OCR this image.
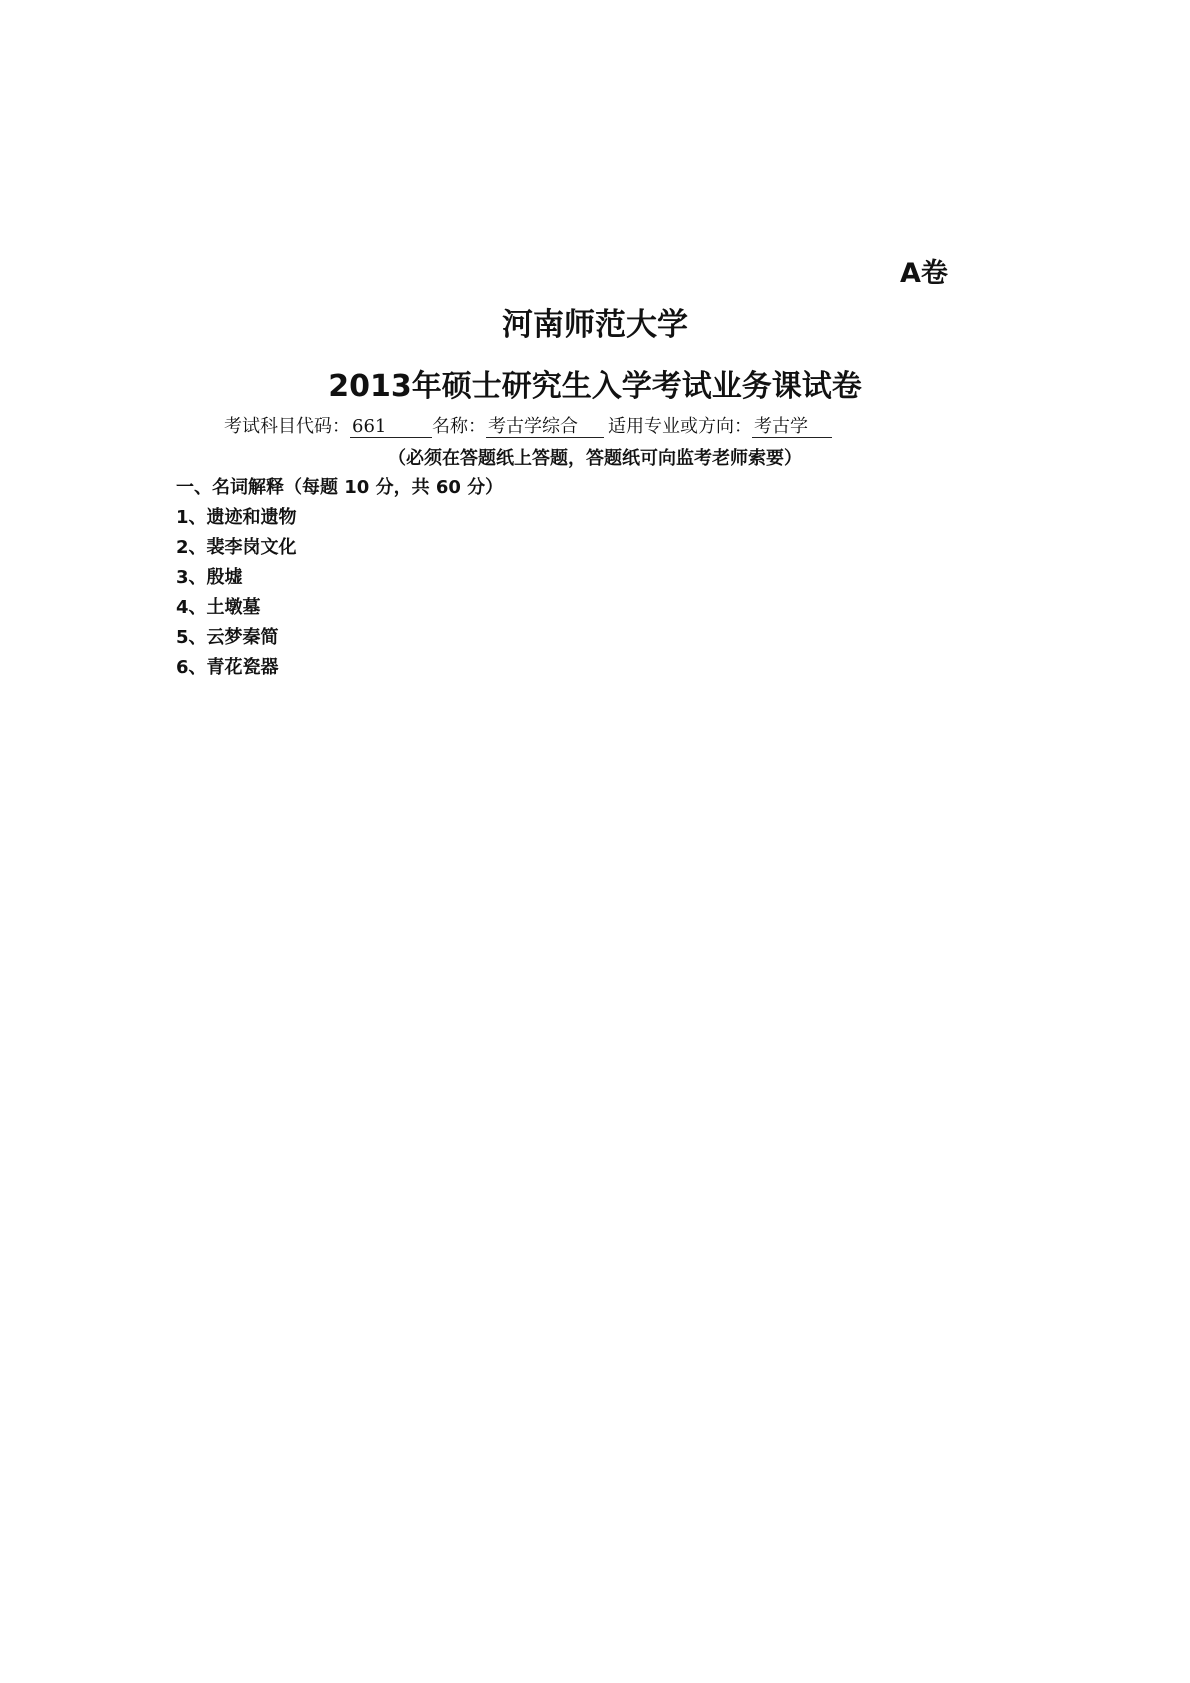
A卷
河南师范大学
2013年硕士研究生入学考试业务课试卷
考试科目代码： 661	名称： 考古学综合 适用专业或方向： 考古学
（必须在答题纸上答题，答题纸可向监考老师索要）
一、名词解释（每题 10 分，共 60 分）
1、遗迹和遗物
2、裴李岗文化
3、殷墟
4、土墩墓
5、云梦秦简
6、青花瓷器
